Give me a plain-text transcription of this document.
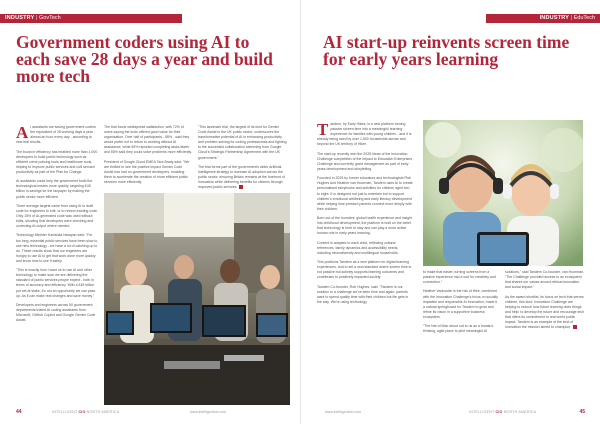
INDUSTRY | GovTech
Government coders using AI to each save 28 days a year and build more tech

A I assistants are saving government coders the equivalent of 28 working days a year - almost an hour every day - according to new trial results.

The boost in efficiency has enabled more than 1,000 developers to build public technology such as efficient crime policing tools and healthcare tools, helping to improve public services and civil servant productivity as part of the Plan for Change.

AI assistants could help the government build the technological means more quickly, targeting £45 billion in savings for the taxpayer by making the public sector more efficient.

Three average targets came from using AI to draft code for engineers to edit, or to review existing code. Only 15% of AI-generated code was used without edits, showing that developers were checking and correcting AI output where needed.

Technology Minister Kanishka Narayan said: "For too long, essential public services have been slow to use new technology - we have a lot of catching up to do. These results show that our engineers are hungry to use AI to get that work done more quickly and know how to use it safely.

"This is exactly how I want us to use AI and other technology to make sure we are delivering the standard of public services people expect - both in terms of accuracy and efficiency. With a £45 billion pot set at stake, it's not an opportunity we can pass up. As it can make real changes and save money."

Developers and engineers across 50 government departments trialed AI coding assistants from Microsoft, GitHub Copilot and Google Gemini Code Assist.

The trial found widespread satisfaction, with 72% of users saying the tools offered good value for their organisation. Over half of participants - 58% - said they would prefer not to return to working without AI assistance, while 65% reported completing tasks faster and 56% said they could solve problems more efficiently.

President of Google Cloud EMEA Tara Brady said: "We are thrilled to see the positive impact Gemini Code Assist has had on government developers, enabling them to accelerate the creation of more efficient public services more efficiently.

"This landmark trial, the largest of its kind for Gemini Code Assist in the UK public sector, underscores the transformative potential of AI in enhancing productivity and problem-solving for coding professionals and fighting to the successful collaboration stemming from Google Cloud's Strategic Partnership Agreement with the UK government."

The trial forms part of the government's wider Artificial Intelligence strategy to increase AI adoption across the public sector, ensuring Britain remains at the forefront of innovation while delivering benefits for citizens through improved public services.

44	INTELLIGENT CIO NORTH AMERICA	www.intelligentcio.com
INDUSTRY | EduTech
AI start-up reinvents screen time for early years learning

Tandem, by Early Hikes, is a new platform turning passive screen time into a meaningful learning experience for families with young children - and it is already being used by over 1,500 households across and beyond the UK territory of Hiker.

The start-up recently won the 2025 Ideas of the Innovation Challenge competition of the Impact to Education Enterprises Challenge and currently grant management as part of early years development and storytelling.

Founded in 2025 by former educators and technologists Rob Hughes and Heather van Hoorman, Tandem uses AI to create personalised storybooks and activities for children aged two to eight. It is designed not just to entertain but to support children's emotional wellbeing and early literacy development while helping time-pressed parents connect more deeply with their children.

Born out of the founders' global health experience and insight into childhood development, the platform is built on the belief that technology is here to stay and can play a more active human role in early years learning.

Content is adapted to each child, reflecting cultural references, family dynamics and accessibility needs, including neurodiversity and multilingual households.

This positions Tandem as a new platform for digital learning experiences, and to set a new standard where screen time is not passive but actively supports learning outcomes and contributes to positively impacted society.

Tandem Co-founder, Rob Hughes, said: "Tandem is our solution to a challenge we've seen time and again: parents want to spend quality time with their children but life gets in the way. We're using technology

to make that easier, turning screens from a passive experience into a tool for creativity and connection."

Heather Vanhoutte is the risk of Hike, combined with the Innovation Challenge's focus on socially impactful and responsible AI innovation, made it a natural springboard for Tandem to grow and refine its vision in a supportive business ecosystem.

"The Isle of Man stood out to us as a forward-thinking, agile place to pilot meaningful AI

solutions," said Tandem Co-founder, van Hoorman. "The Challenge provided access to an ecosystem that shares our values around ethical innovation and social impact."

As the award shortlist, its focus on tech that serves children, this kind: Innovation Challenge are helping to reduce how future learning does things and help: to develop the future and encourage tech that offers its commitment to real world public impact. Tandem is an example of the kind of innovation the mission aimed to champion.

www.intelligentcio.com	INTELLIGENT CIO NORTH AMERICA	45
